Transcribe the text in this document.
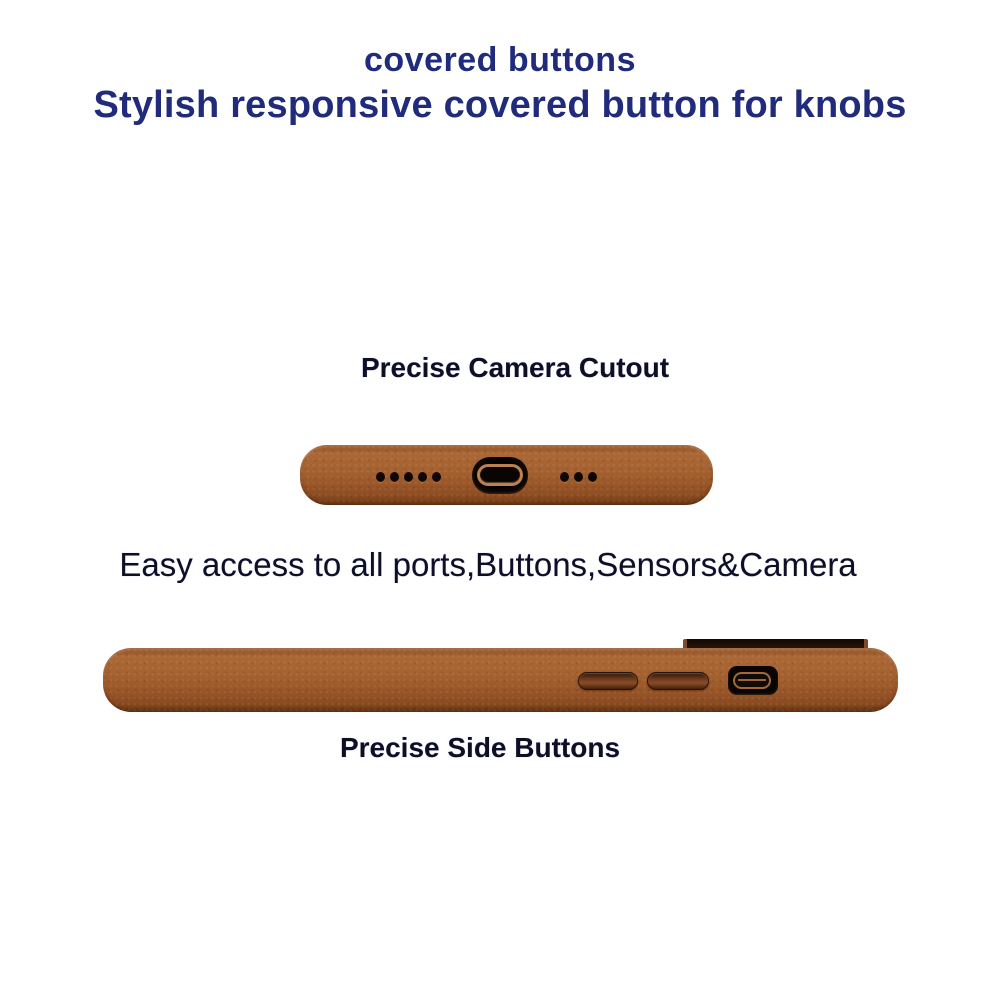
covered buttons
Stylish responsive covered button for knobs
Precise Camera Cutout
Easy access to all ports,Buttons,Sensors&Camera
Precise Side Buttons
